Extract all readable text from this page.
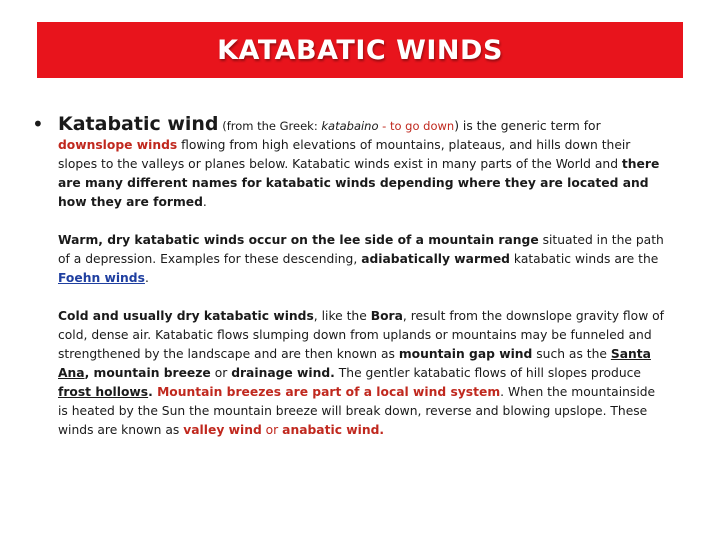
KATABATIC WINDS
• Katabatic wind (from the Greek: katabaino - to go down) is the generic term for downslope winds flowing from high elevations of mountains, plateaus, and hills down their slopes to the valleys or planes below. Katabatic winds exist in many parts of the World and there are many different names for katabatic winds depending where they are located and how they are formed.

Warm, dry katabatic winds occur on the lee side of a mountain range situated in the path of a depression. Examples for these descending, adiabatically warmed katabatic winds are the Foehn winds.

Cold and usually dry katabatic winds, like the Bora, result from the downslope gravity flow of cold, dense air. Katabatic flows slumping down from uplands or mountains may be funneled and strengthened by the landscape and are then known as mountain gap wind such as the Santa Ana, mountain breeze or drainage wind. The gentler katabatic flows of hill slopes produce frost hollows. Mountain breezes are part of a local wind system. When the mountainside is heated by the Sun the mountain breeze will break down, reverse and blowing upslope. These winds are known as valley wind or anabatic wind.
